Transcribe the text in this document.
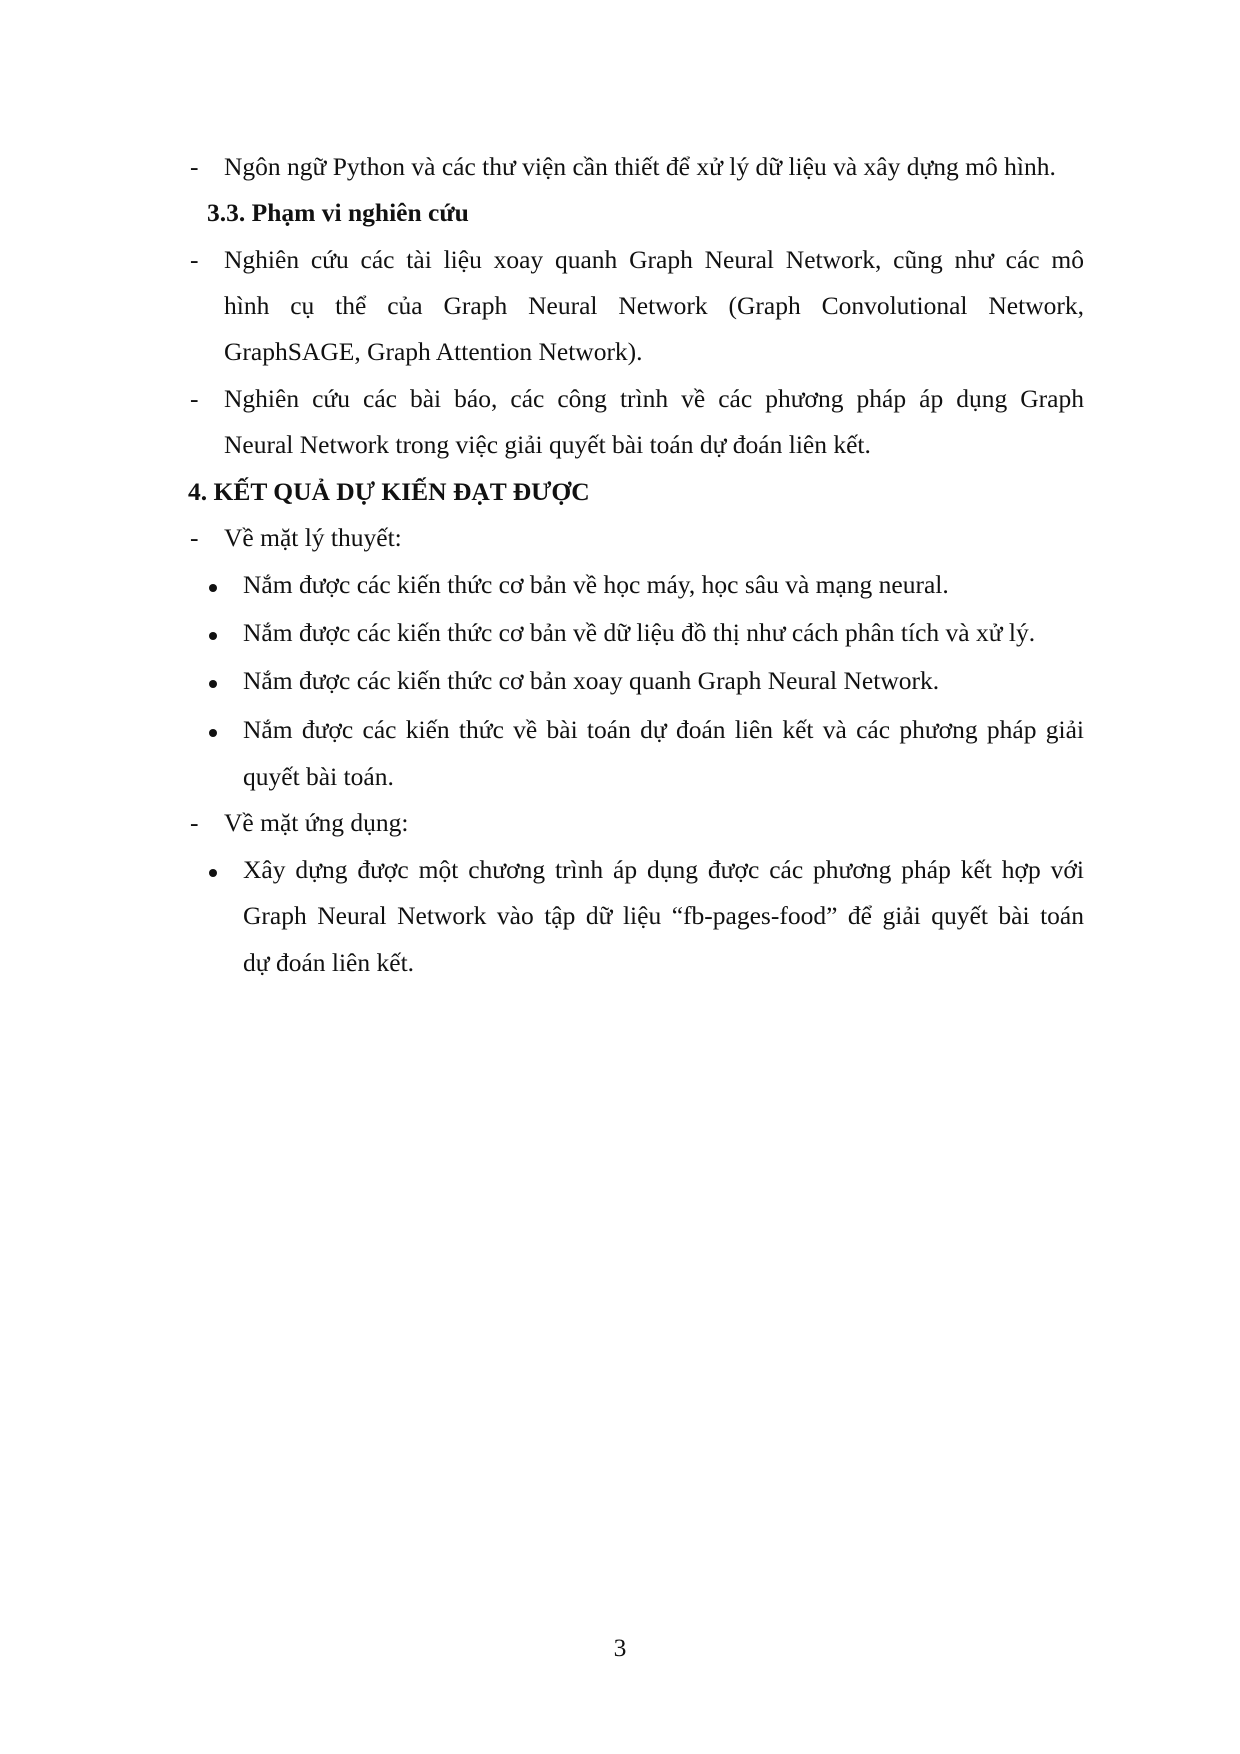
- Ngôn ngữ Python và các thư viện cần thiết để xử lý dữ liệu và xây dựng mô hình.
3.3. Phạm vi nghiên cứu
- Nghiên cứu các tài liệu xoay quanh Graph Neural Network, cũng như các mô
hình cụ thể của Graph Neural Network (Graph Convolutional Network,
GraphSAGE, Graph Attention Network).
- Nghiên cứu các bài báo, các công trình về các phương pháp áp dụng Graph
Neural Network trong việc giải quyết bài toán dự đoán liên kết.
4. KẾT QUẢ DỰ KIẾN ĐẠT ĐƯỢC
- Về mặt lý thuyết:
Nắm được các kiến thức cơ bản về học máy, học sâu và mạng neural.
Nắm được các kiến thức cơ bản về dữ liệu đồ thị như cách phân tích và xử lý.
Nắm được các kiến thức cơ bản xoay quanh Graph Neural Network.
Nắm được các kiến thức về bài toán dự đoán liên kết và các phương pháp giải
quyết bài toán.
- Về mặt ứng dụng:
Xây dựng được một chương trình áp dụng được các phương pháp kết hợp với
Graph Neural Network vào tập dữ liệu “fb-pages-food” để giải quyết bài toán
dự đoán liên kết.
3
